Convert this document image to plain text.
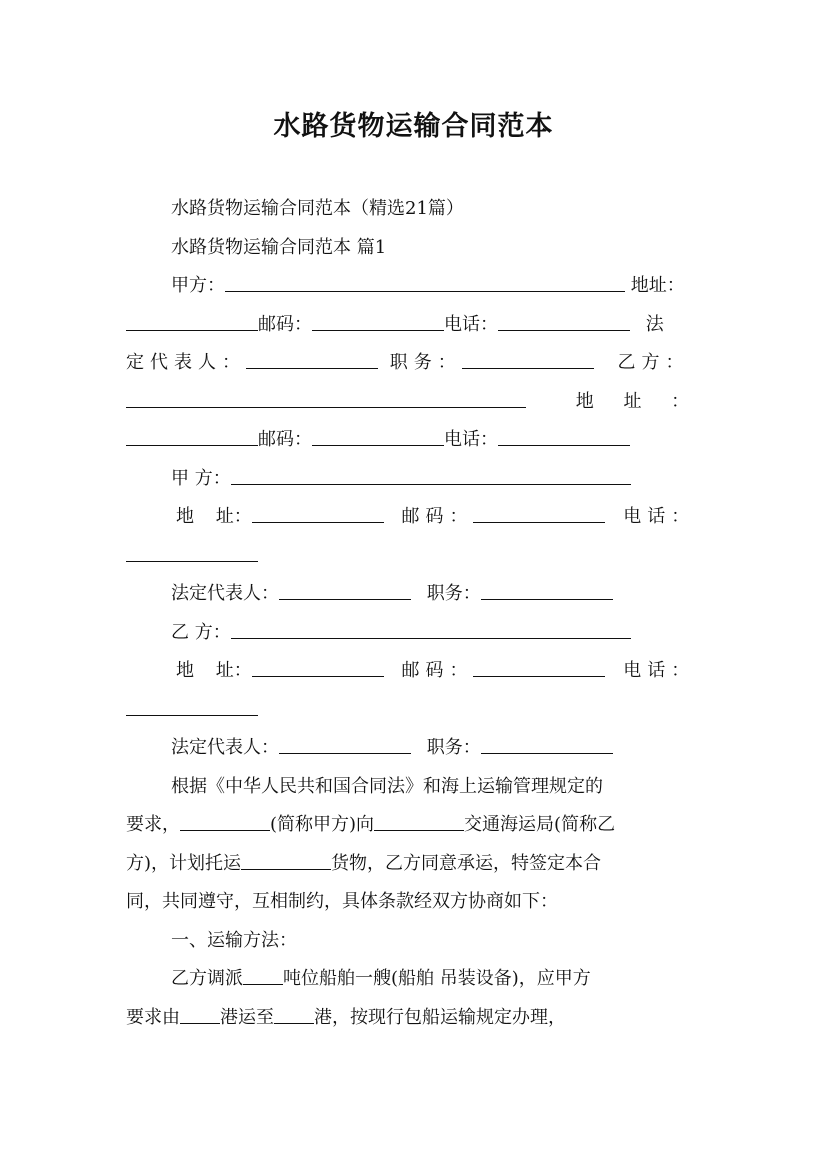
水路货物运输合同范本

水路货物运输合同范本（精选21篇）

水路货物运输合同范本 篇1

甲方：	地址：

邮码：	电话：	法

定代表人：	职务：	乙方：

地 址 ：

邮码：	电话：

甲 方：

地 址：	邮码：	电话：

法定代表人：	职务：

乙 方：

地 址：	邮码：	电话：

法定代表人：	职务：

根据《中华人民共和国合同法》和海上运输管理规定的

要求，	(简称甲方)向	交通海运局(简称乙

方)，计划托运	货物，乙方同意承运，特签定本合

同，共同遵守，互相制约，具体条款经双方协商如下：

一、运输方法：

乙方调派 吨位船舶一艘(船舶 吊装设备)，应甲方

要求由 港运至 港，按现行包船运输规定办理，
